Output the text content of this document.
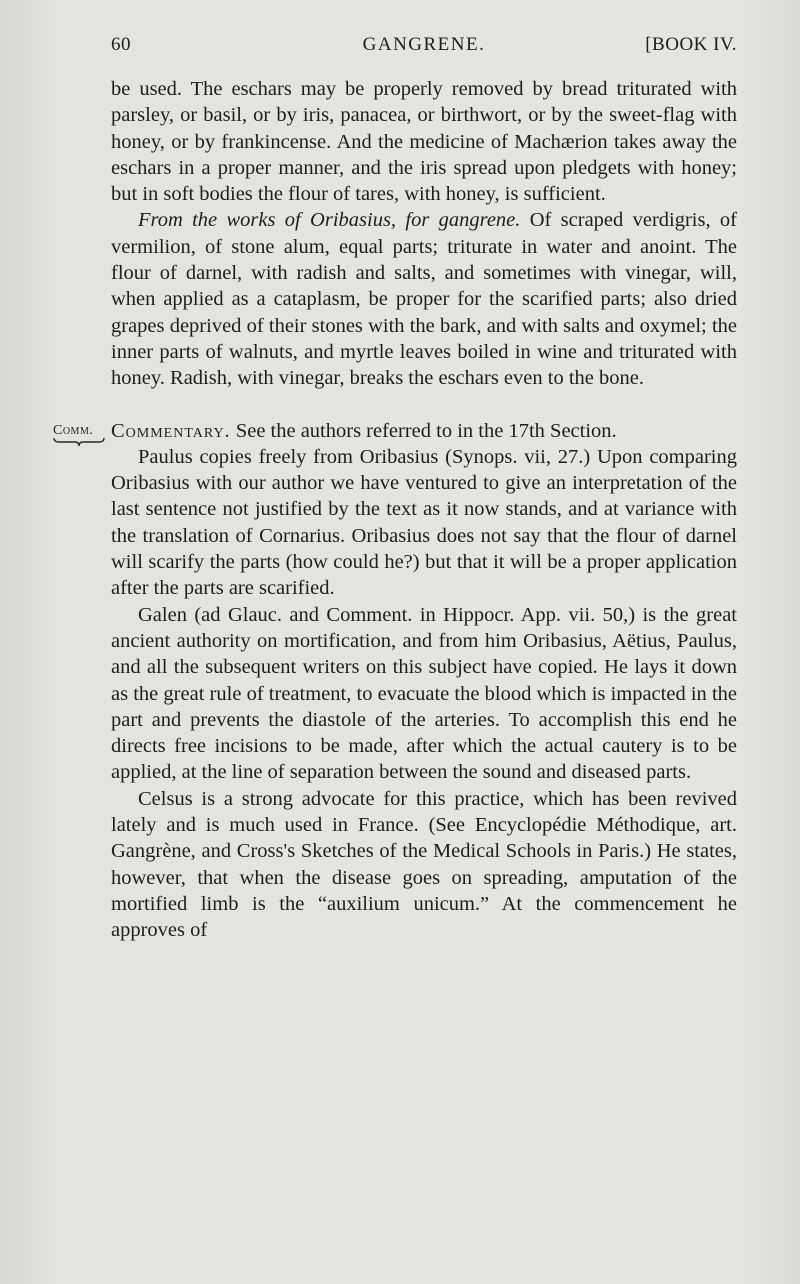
60	GANGRENE.	[BOOK IV.

be used. The eschars may be properly removed by bread triturated with parsley, or basil, or by iris, panacea, or birthwort, or by the sweet-flag with honey, or by frankincense. And the medicine of Machærion takes away the eschars in a proper manner, and the iris spread upon pledgets with honey; but in soft bodies the flour of tares, with honey, is sufficient.

From the works of Oribasius, for gangrene. Of scraped verdigris, of vermilion, of stone alum, equal parts; triturate in water and anoint. The flour of darnel, with radish and salts, and sometimes with vinegar, will, when applied as a cataplasm, be proper for the scarified parts; also dried grapes deprived of their stones with the bark, and with salts and oxymel; the inner parts of walnuts, and myrtle leaves boiled in wine and triturated with honey. Radish, with vinegar, breaks the eschars even to the bone.

Comm. Commentary. See the authors referred to in the 17th Section.

Paulus copies freely from Oribasius (Synops. vii, 27.) Upon comparing Oribasius with our author we have ventured to give an interpretation of the last sentence not justified by the text as it now stands, and at variance with the translation of Cornarius. Oribasius does not say that the flour of darnel will scarify the parts (how could he?) but that it will be a proper application after the parts are scarified.

Galen (ad Glauc. and Comment. in Hippocr. App. vii. 50,) is the great ancient authority on mortification, and from him Oribasius, Aëtius, Paulus, and all the subsequent writers on this subject have copied. He lays it down as the great rule of treatment, to evacuate the blood which is impacted in the part and prevents the diastole of the arteries. To accomplish this end he directs free incisions to be made, after which the actual cautery is to be applied, at the line of separation between the sound and diseased parts.

Celsus is a strong advocate for this practice, which has been revived lately and is much used in France. (See Encyclopédie Méthodique, art. Gangrène, and Cross's Sketches of the Medical Schools in Paris.) He states, however, that when the disease goes on spreading, amputation of the mortified limb is the “auxilium unicum.” At the commencement he approves of
